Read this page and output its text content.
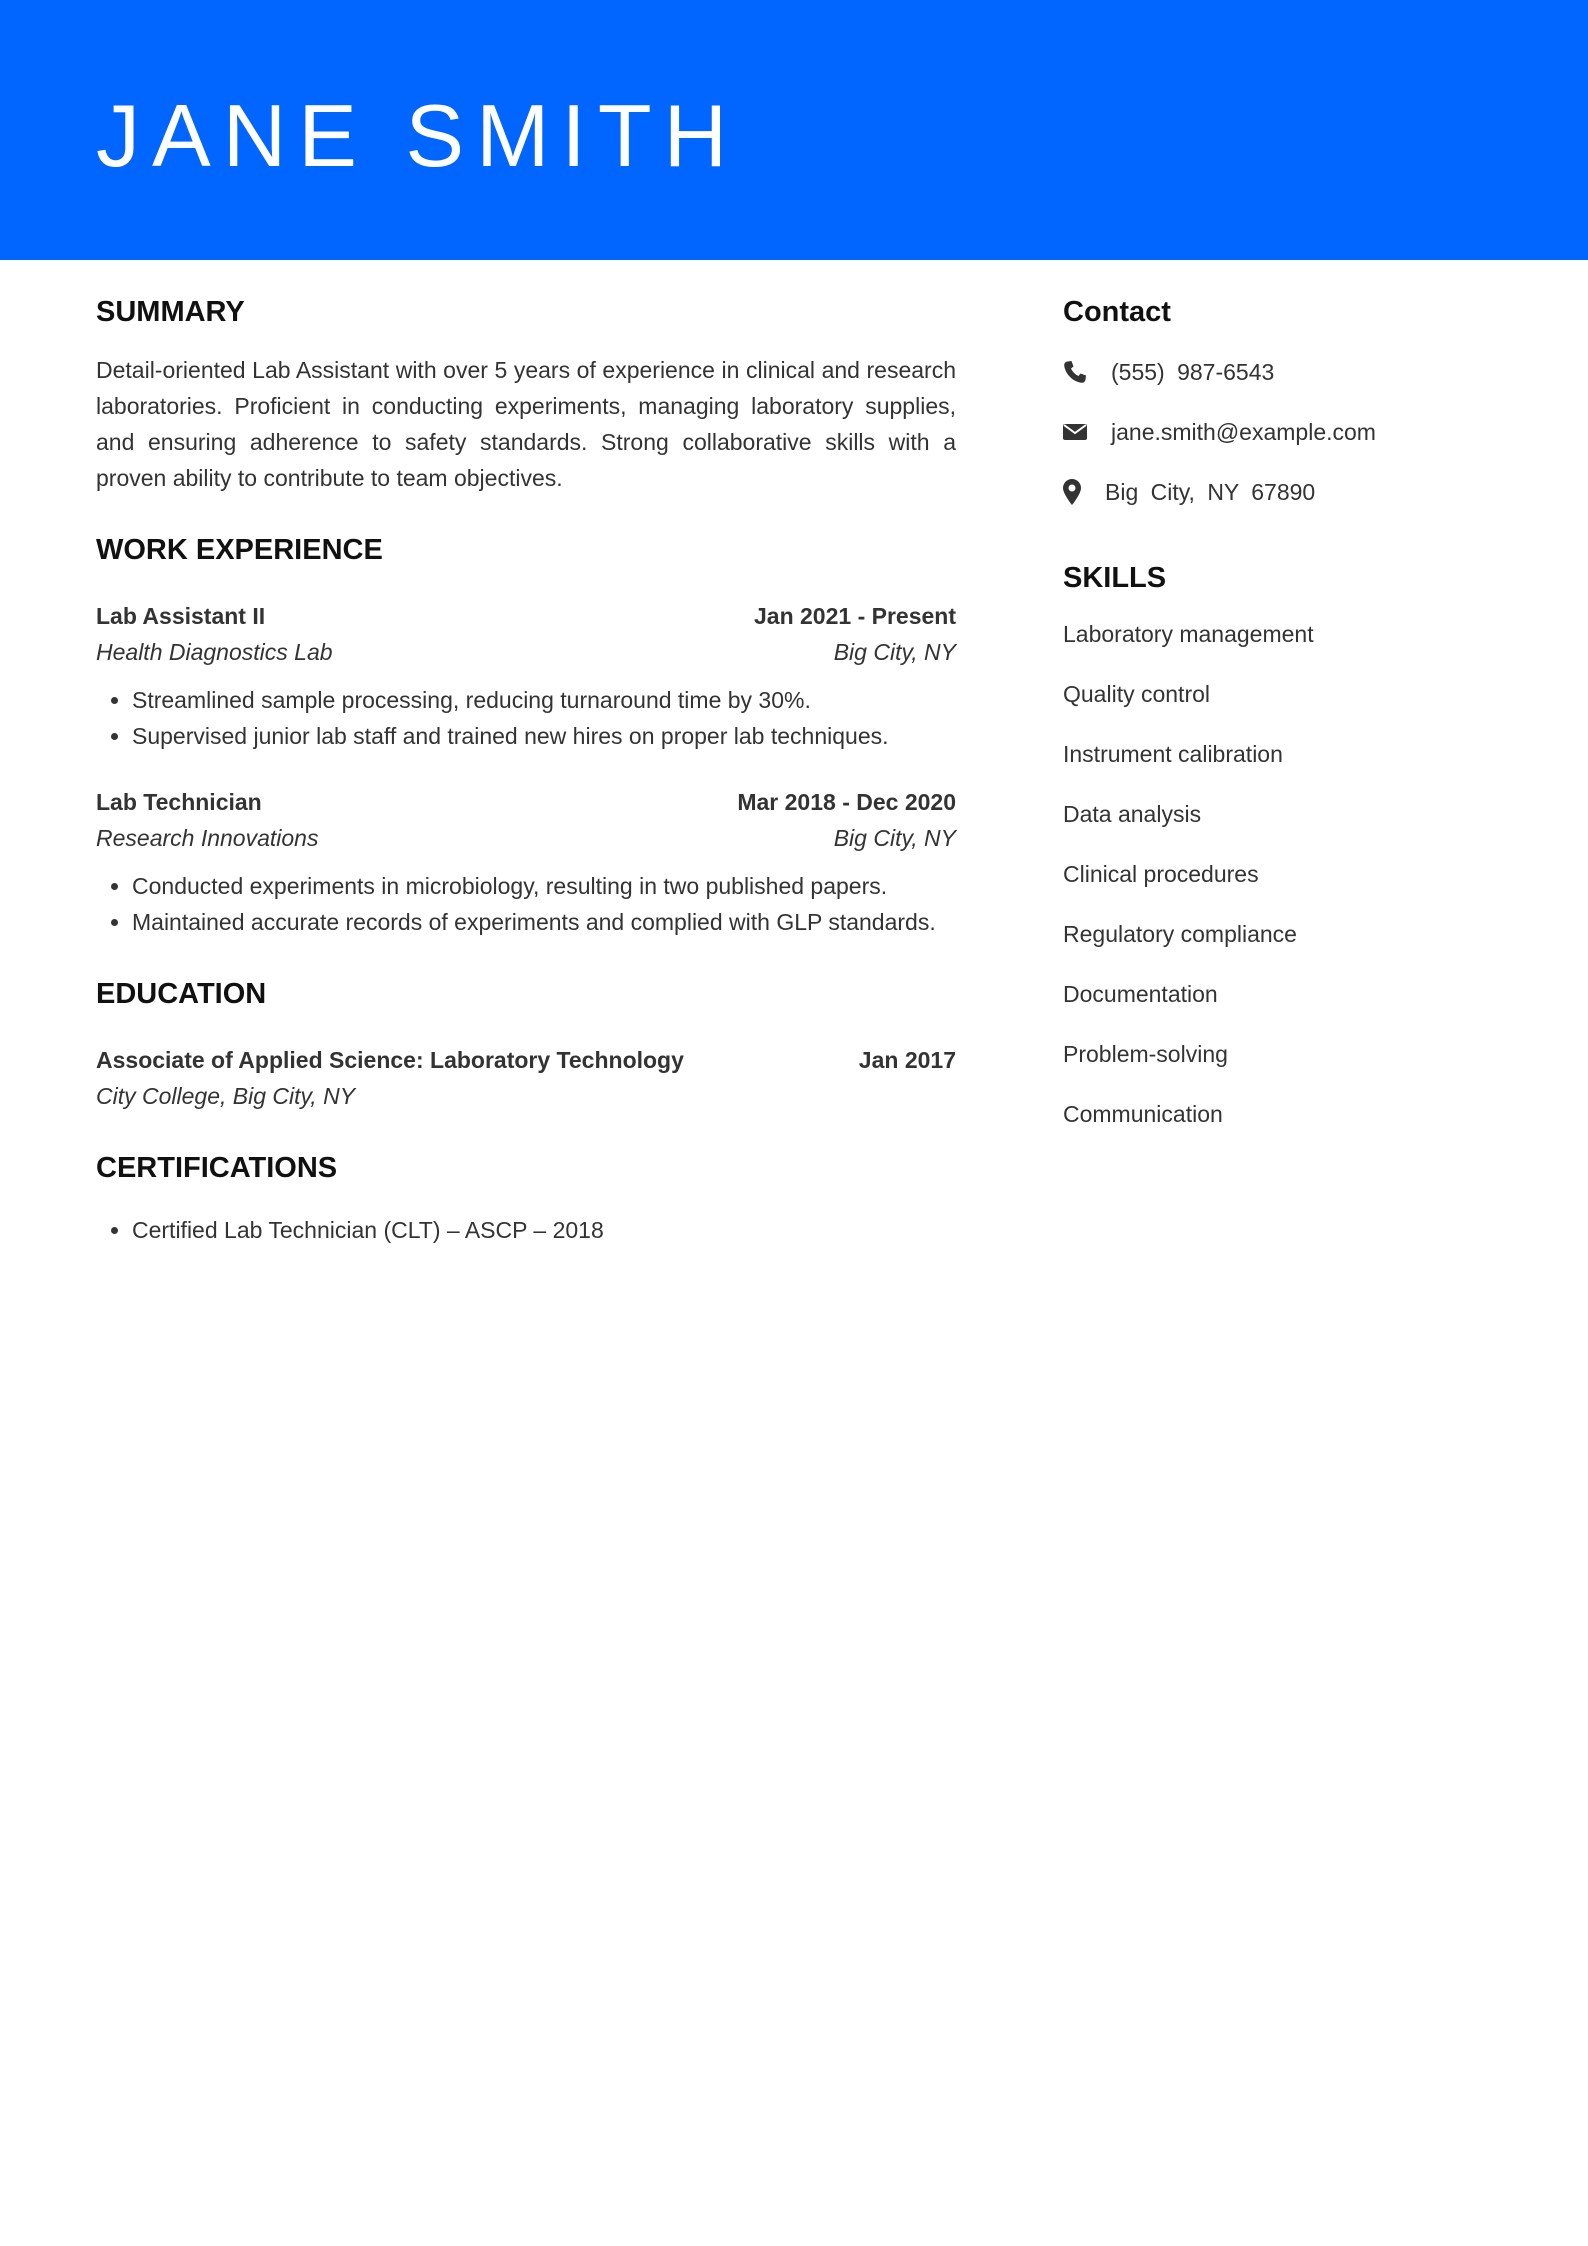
JANE SMITH
SUMMARY

Detail-oriented Lab Assistant with over 5 years of experience in clinical and research laboratories. Proficient in conducting experiments, managing laboratory supplies, and ensuring adherence to safety standards. Strong collaborative skills with a proven ability to contribute to team objectives.

WORK EXPERIENCE
Lab Assistant II	Jan 2021 - Present
Health Diagnostics Lab	Big City, NY
• Streamlined sample processing, reducing turnaround time by 30%.
• Supervised junior lab staff and trained new hires on proper lab techniques.
Lab Technician	Mar 2018 - Dec 2020
Research Innovations	Big City, NY
• Conducted experiments in microbiology, resulting in two published papers.
• Maintained accurate records of experiments and complied with GLP standards.
EDUCATION
Associate of Applied Science: Laboratory Technology	Jan 2017
City College, Big City, NY
CERTIFICATIONS
• Certified Lab Technician (CLT) – ASCP – 2018
Contact
(555) 987-6543
jane.smith@example.com
Big City, NY 67890
SKILLS
Laboratory management
Quality control
Instrument calibration
Data analysis
Clinical procedures
Regulatory compliance
Documentation
Problem-solving
Communication
